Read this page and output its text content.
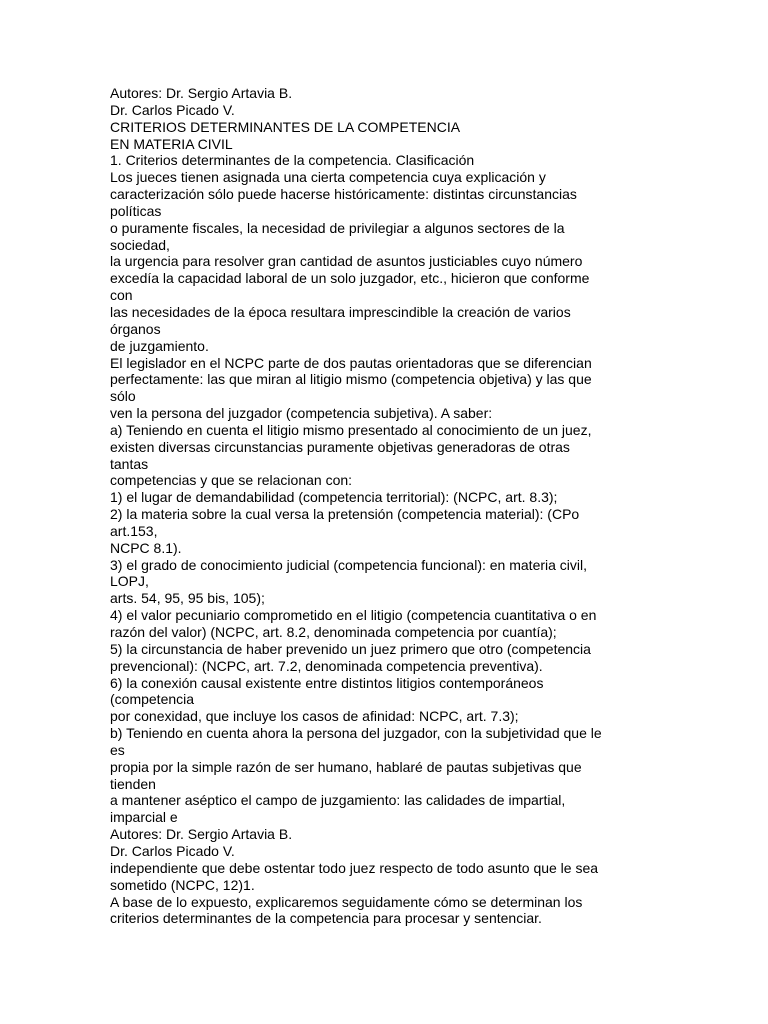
Autores: Dr. Sergio Artavia B.
Dr. Carlos Picado V.
CRITERIOS DETERMINANTES DE LA COMPETENCIA
EN MATERIA CIVIL
1. Criterios determinantes de la competencia. Clasificación
Los jueces tienen asignada una cierta competencia cuya explicación y
caracterización sólo puede hacerse históricamente: distintas circunstancias
políticas
o puramente fiscales, la necesidad de privilegiar a algunos sectores de la
sociedad,
la urgencia para resolver gran cantidad de asuntos justiciables cuyo número
excedía la capacidad laboral de un solo juzgador, etc., hicieron que conforme
con
las necesidades de la época resultara imprescindible la creación de varios
órganos
de juzgamiento.
El legislador en el NCPC parte de dos pautas orientadoras que se diferencian
perfectamente: las que miran al litigio mismo (competencia objetiva) y las que
sólo
ven la persona del juzgador (competencia subjetiva). A saber:
a) Teniendo en cuenta el litigio mismo presentado al conocimiento de un juez,
existen diversas circunstancias puramente objetivas generadoras de otras
tantas
competencias y que se relacionan con:
1) el lugar de demandabilidad (competencia territorial): (NCPC, art. 8.3);
2) la materia sobre la cual versa la pretensión (competencia material): (CPo
art.153,
NCPC 8.1).
3) el grado de conocimiento judicial (competencia funcional): en materia civil,
LOPJ,
arts. 54, 95, 95 bis, 105);
4) el valor pecuniario comprometido en el litigio (competencia cuantitativa o en
razón del valor) (NCPC, art. 8.2, denominada competencia por cuantía);
5) la circunstancia de haber prevenido un juez primero que otro (competencia
prevencional): (NCPC, art. 7.2, denominada competencia preventiva).
6) la conexión causal existente entre distintos litigios contemporáneos
(competencia
por conexidad, que incluye los casos de afinidad: NCPC, art. 7.3);
b) Teniendo en cuenta ahora la persona del juzgador, con la subjetividad que le
es
propia por la simple razón de ser humano, hablaré de pautas subjetivas que
tienden
a mantener aséptico el campo de juzgamiento: las calidades de impartial,
imparcial e
Autores: Dr. Sergio Artavia B.
Dr. Carlos Picado V.
independiente que debe ostentar todo juez respecto de todo asunto que le sea
sometido (NCPC, 12)1.
A base de lo expuesto, explicaremos seguidamente cómo se determinan los
criterios determinantes de la competencia para procesar y sentenciar.
